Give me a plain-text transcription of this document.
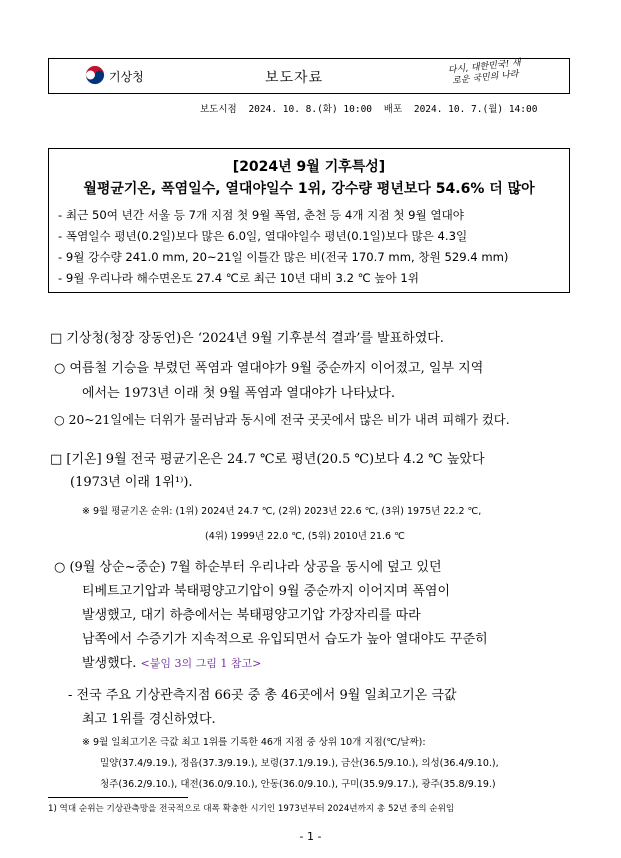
기상청	보도자료
다시, 대한민국! 새로운 국민의 나라
보도시점 2024. 10. 8.(화) 10:00 배포 2024. 10. 7.(월) 14:00
[2024년 9월 기후특성]
월평균기온, 폭염일수, 열대야일수 1위, 강수량 평년보다 54.6% 더 많아
- 최근 50여 년간 서울 등 7개 지점 첫 9월 폭염, 춘천 등 4개 지점 첫 9월 열대야
- 폭염일수 평년(0.2일)보다 많은 6.0일, 열대야일수 평년(0.1일)보다 많은 4.3일
- 9월 강수량 241.0 mm, 20~21일 이틀간 많은 비(전국 170.7 mm, 창원 529.4 mm)
- 9월 우리나라 해수면온도 27.4 ℃로 최근 10년 대비 3.2 ℃ 높아 1위
□ 기상청(청장 장동언)은 ‘2024년 9월 기후분석 결과’를 발표하였다.
○ 여름철 기승을 부렸던 폭염과 열대야가 9월 중순까지 이어졌고, 일부 지역
에서는 1973년 이래 첫 9월 폭염과 열대야가 나타났다.
○ 20~21일에는 더위가 물러남과 동시에 전국 곳곳에서 많은 비가 내려 피해가 컸다.
□ [기온] 9월 전국 평균기온은 24.7 ℃로 평년(20.5 ℃)보다 4.2 ℃ 높았다
(1973년 이래 1위¹⁾).
※ 9월 평균기온 순위: (1위) 2024년 24.7 ℃, (2위) 2023년 22.6 ℃, (3위) 1975년 22.2 ℃,
(4위) 1999년 22.0 ℃, (5위) 2010년 21.6 ℃
○ (9월 상순~중순) 7월 하순부터 우리나라 상공을 동시에 덮고 있던
티베트고기압과 북태평양고기압이 9월 중순까지 이어지며 폭염이
발생했고, 대기 하층에서는 북태평양고기압 가장자리를 따라
남쪽에서 수증기가 지속적으로 유입되면서 습도가 높아 열대야도 꾸준히
발생했다. <붙임 3의 그림 1 참고>
- 전국 주요 기상관측지점 66곳 중 총 46곳에서 9월 일최고기온 극값
최고 1위를 경신하였다.
※ 9월 일최고기온 극값 최고 1위를 기록한 46개 지점 중 상위 10개 지점(℃/날짜):
밀양(37.4/9.19.), 정읍(37.3/9.19.), 보령(37.1/9.19.), 금산(36.5/9.10.), 의성(36.4/9.10.),
청주(36.2/9.10.), 대전(36.0/9.10.), 안동(36.0/9.10.), 구미(35.9/9.17.), 광주(35.8/9.19.)
1) 역대 순위는 기상관측망을 전국적으로 대폭 확충한 시기인 1973년부터 2024년까지 총 52년 중의 순위임
- 1 -
